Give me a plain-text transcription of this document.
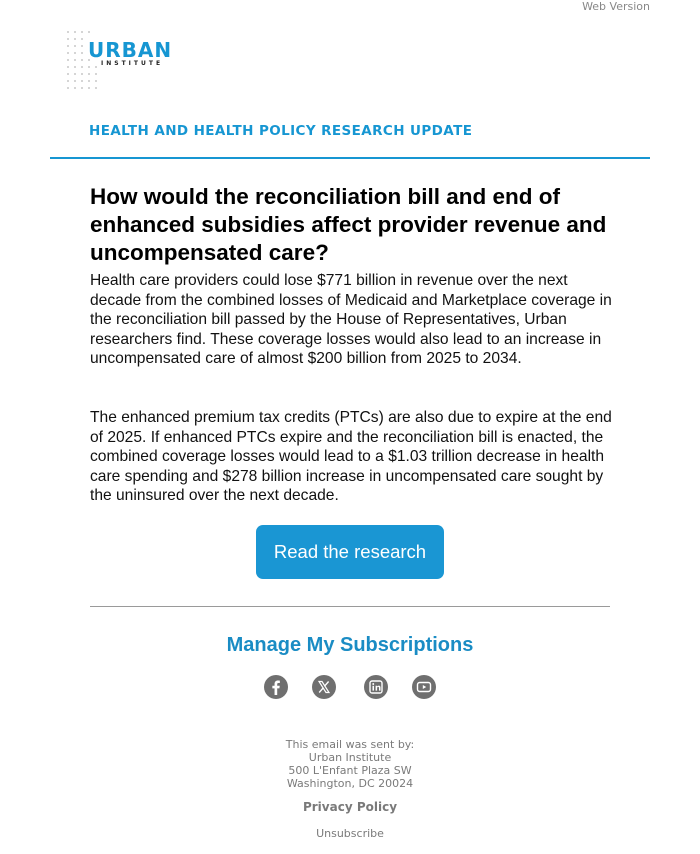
Web Version
URBAN
INSTITUTE
HEALTH AND HEALTH POLICY RESEARCH UPDATE
How would the reconciliation bill and end of enhanced subsidies affect provider revenue and uncompensated care?

Health care providers could lose $771 billion in revenue over the next decade from the combined losses of Medicaid and Marketplace coverage in the reconciliation bill passed by the House of Representatives, Urban researchers find. These coverage losses would also lead to an increase in uncompensated care of almost $200 billion from 2025 to 2034.

The enhanced premium tax credits (PTCs) are also due to expire at the end of 2025. If enhanced PTCs expire and the reconciliation bill is enacted, the combined coverage losses would lead to a $1.03 trillion decrease in health care spending and $278 billion increase in uncompensated care sought by the uninsured over the next decade.

Read the research
Manage My Subscriptions
This email was sent by:
Urban Institute
500 L'Enfant Plaza SW
Washington, DC 20024
Privacy Policy
Unsubscribe
